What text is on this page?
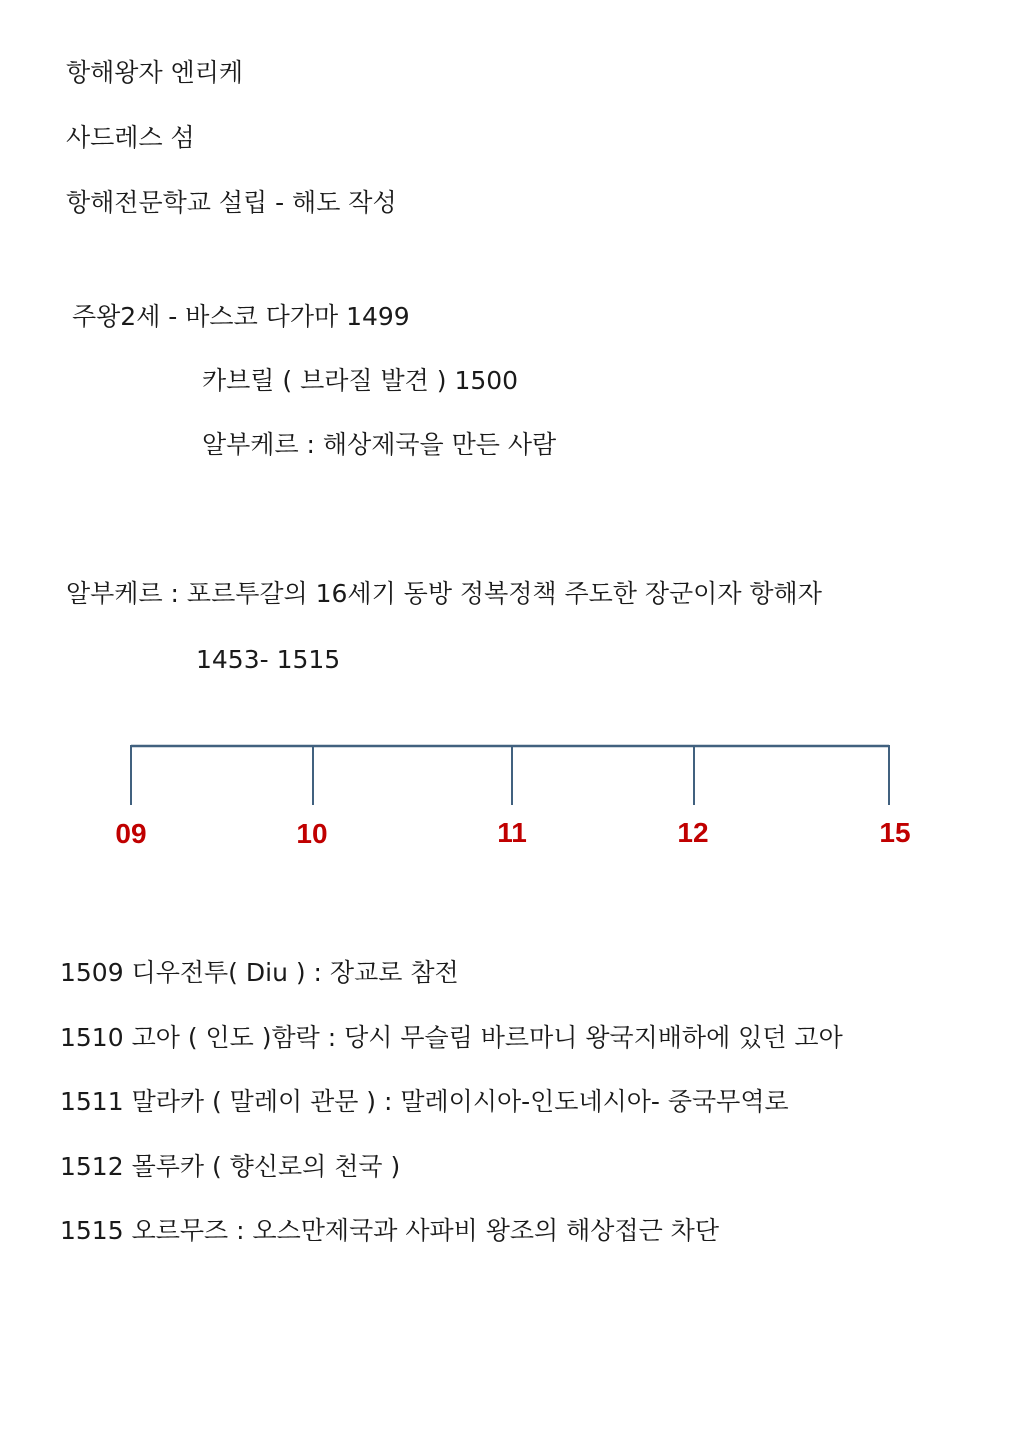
항해왕자 엔리케
사드레스 섬
항해전문학교 설립 - 해도 작성
주왕2세 - 바스코 다가마 1499
카브릴 ( 브라질 발견 ) 1500
알부케르 : 해상제국을 만든 사람
알부케르 : 포르투갈의 16세기 동방 정복정책 주도한 장군이자 항해자
1453- 1515
09	10	11	12	15
1509 디우전투( Diu ) : 장교로 참전
1510 고아 ( 인도 )함락 : 당시 무슬림 바르마니 왕국지배하에 있던 고아
1511 말라카 ( 말레이 관문 ) : 말레이시아-인도네시아- 중국무역로
1512 몰루카 ( 향신로의 천국 )
1515 오르무즈 : 오스만제국과 사파비 왕조의 해상접근 차단
